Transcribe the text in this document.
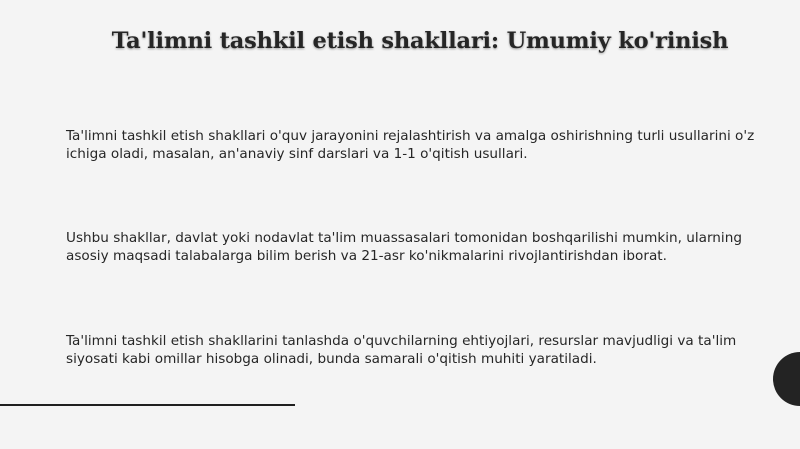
Ta'limni tashkil etish shakllari: Umumiy ko'rinish
Ta'limni tashkil etish shakllari o'quv jarayonini rejalashtirish va amalga oshirishning turli usullarini o'z ichiga oladi, masalan, an'anaviy sinf darslari va 1-1 o'qitish usullari.
Ushbu shakllar, davlat yoki nodavlat ta'lim muassasalari tomonidan boshqarilishi mumkin, ularning asosiy maqsadi talabalarga bilim berish va 21-asr ko'nikmalarini rivojlantirishdan iborat.
Ta'limni tashkil etish shakllarini tanlashda o'quvchilarning ehtiyojlari, resurslar mavjudligi va ta'lim siyosati kabi omillar hisobga olinadi, bunda samarali o'qitish muhiti yaratiladi.
